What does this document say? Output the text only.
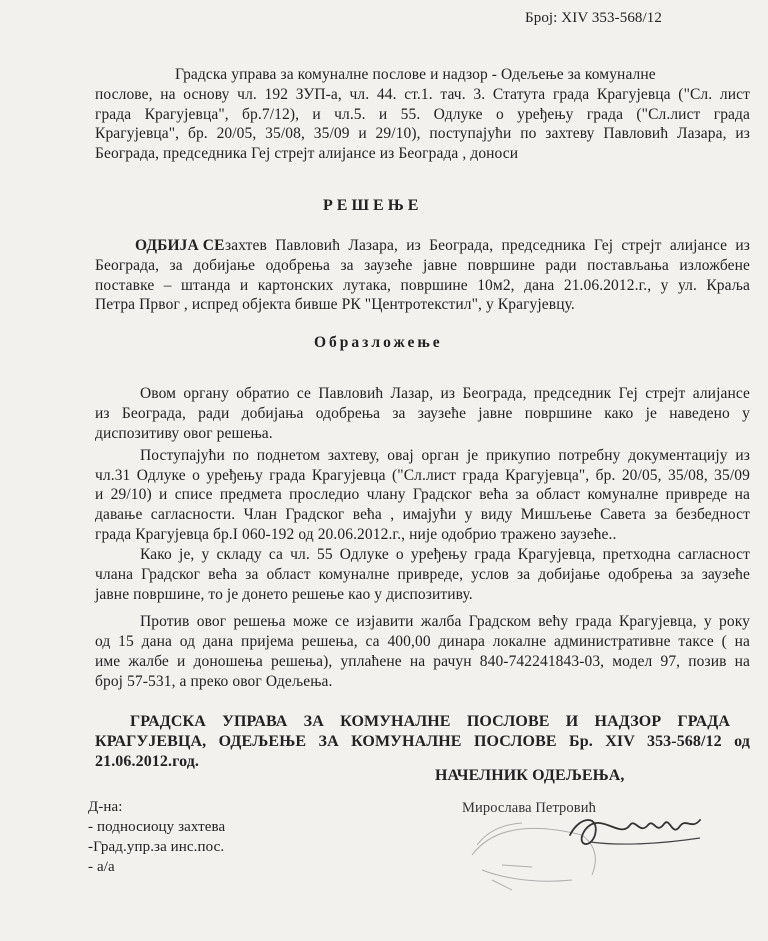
Број: XIV 353-568/12
Градска управа за комуналне послове и надзор - Одељење за комуналне
послове, на основу чл. 192 ЗУП-а, чл. 44. ст.1. тач. 3. Статута града Крагујевца ("Сл. лист
града Крагујевца", бр.7/12), и чл.5. и 55. Одлуке о уређењу града ("Сл.лист града
Крагујевца", бр. 20/05, 35/08, 35/09 и 29/10), поступајући по захтеву Павловић Лазара, из
Београда, председника Геј стрејт алијансе из Београда , доноси
РЕШЕЊЕ
ОДБИЈА СЕ захтев Павловић Лазара, из Београда, председника Геј стрејт алијансе из
Београда, за добијање одобрења за заузеће јавне површине ради постављања изложбене
поставке – штанда и картонских лутака, површине 10м2, дана 21.06.2012.г., у ул. Краља
Петра Првог , испред објекта бивше РК "Центротекстил", у Крагујевцу.
Образложење
Овом органу обратио се Павловић Лазар, из Београда, председник Геј стрејт алијансе
из Београда, ради добијања одобрења за заузеће јавне површине како је наведено у
диспозитиву овог решења.
Поступајући по поднетом захтеву, овај орган је прикупио потребну документацију из
чл.31 Одлуке о уређењу града Крагујевца ("Сл.лист града Крагујевца", бр. 20/05, 35/08, 35/09
и 29/10) и списе предмета проследио члану Градског већа за област комуналне привреде на
давање сагласности. Члан Градског већа , имајући у виду Мишљење Савета за безбедност
града Крагујевца бр.I 060-192 од 20.06.2012.г., није одобрио тражено заузеће..
Како је, у складу са чл. 55 Одлуке о уређењу града Крагујевца, претходна сагласност
члана Градског већа за област комуналне привреде, услов за добијање одобрења за заузеће
јавне површине, то је донето решење као у диспозитиву.
Против овог решења може се изјавити жалба Градском већу града Крагујевца, у року
од 15 дана од дана пријема решења, са 400,00 динара локалне административне таксе ( на
име жалбе и доношења решења), уплаћене на рачун 840-742241843-03, модел 97, позив на
број 57-531, а преко овог Одељења.
ГРАДСКА УПРАВА ЗА КОМУНАЛНЕ ПОСЛОВЕ И НАДЗОР ГРАДА
КРАГУЈЕВЦА, ОДЕЉЕЊЕ ЗА КОМУНАЛНЕ ПОСЛОВЕ Бр. XIV 353-568/12 од
21.06.2012.год.
Д-на:
- подносиоцу захтева
-Град.упр.за инс.пос.
- а/а
НАЧЕЛНИК ОДЕЉЕЊА,
Мирослава Петровић
